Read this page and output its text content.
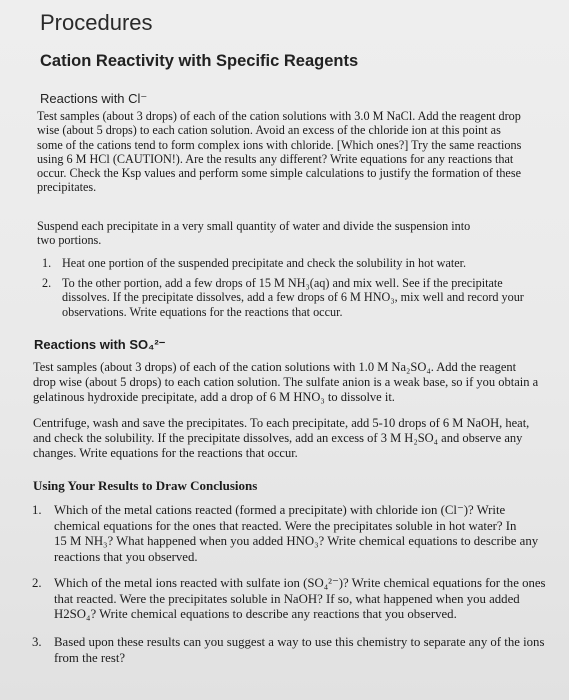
Procedures
Cation Reactivity with Specific Reagents
Reactions with Cl⁻
Test samples (about 3 drops) of each of the cation solutions with 3.0 M NaCl. Add the reagent drop
wise (about 5 drops) to each cation solution. Avoid an excess of the chloride ion at this point as
some of the cations tend to form complex ions with chloride. [Which ones?] Try the same reactions
using 6 M HCl (CAUTION!). Are the results any different? Write equations for any reactions that
occur. Check the Ksp values and perform some simple calculations to justify the formation of these
precipitates.
Suspend each precipitate in a very small quantity of water and divide the suspension into
two portions.
1. Heat one portion of the suspended precipitate and check the solubility in hot water.
2. To the other portion, add a few drops of 15 M NH₃(aq) and mix well. See if the precipitate
dissolves. If the precipitate dissolves, add a few drops of 6 M HNO₃, mix well and record your
observations. Write equations for the reactions that occur.
Reactions with SO₄²⁻
Test samples (about 3 drops) of each of the cation solutions with 1.0 M Na₂SO₄. Add the reagent
drop wise (about 5 drops) to each cation solution. The sulfate anion is a weak base, so if you obtain a
gelatinous hydroxide precipitate, add a drop of 6 M HNO₃ to dissolve it.
Centrifuge, wash and save the precipitates. To each precipitate, add 5-10 drops of 6 M NaOH, heat,
and check the solubility. If the precipitate dissolves, add an excess of 3 M H₂SO₄ and observe any
changes. Write equations for the reactions that occur.
Using Your Results to Draw Conclusions
1. Which of the metal cations reacted (formed a precipitate) with chloride ion (Cl⁻)? Write
chemical equations for the ones that reacted. Were the precipitates soluble in hot water? In
15 M NH₃? What happened when you added HNO₃? Write chemical equations to describe any
reactions that you observed.
2. Which of the metal ions reacted with sulfate ion (SO₄²⁻)? Write chemical equations for the ones
that reacted. Were the precipitates soluble in NaOH? If so, what happened when you added
H2SO₄? Write chemical equations to describe any reactions that you observed.
3. Based upon these results can you suggest a way to use this chemistry to separate any of the ions
from the rest?
